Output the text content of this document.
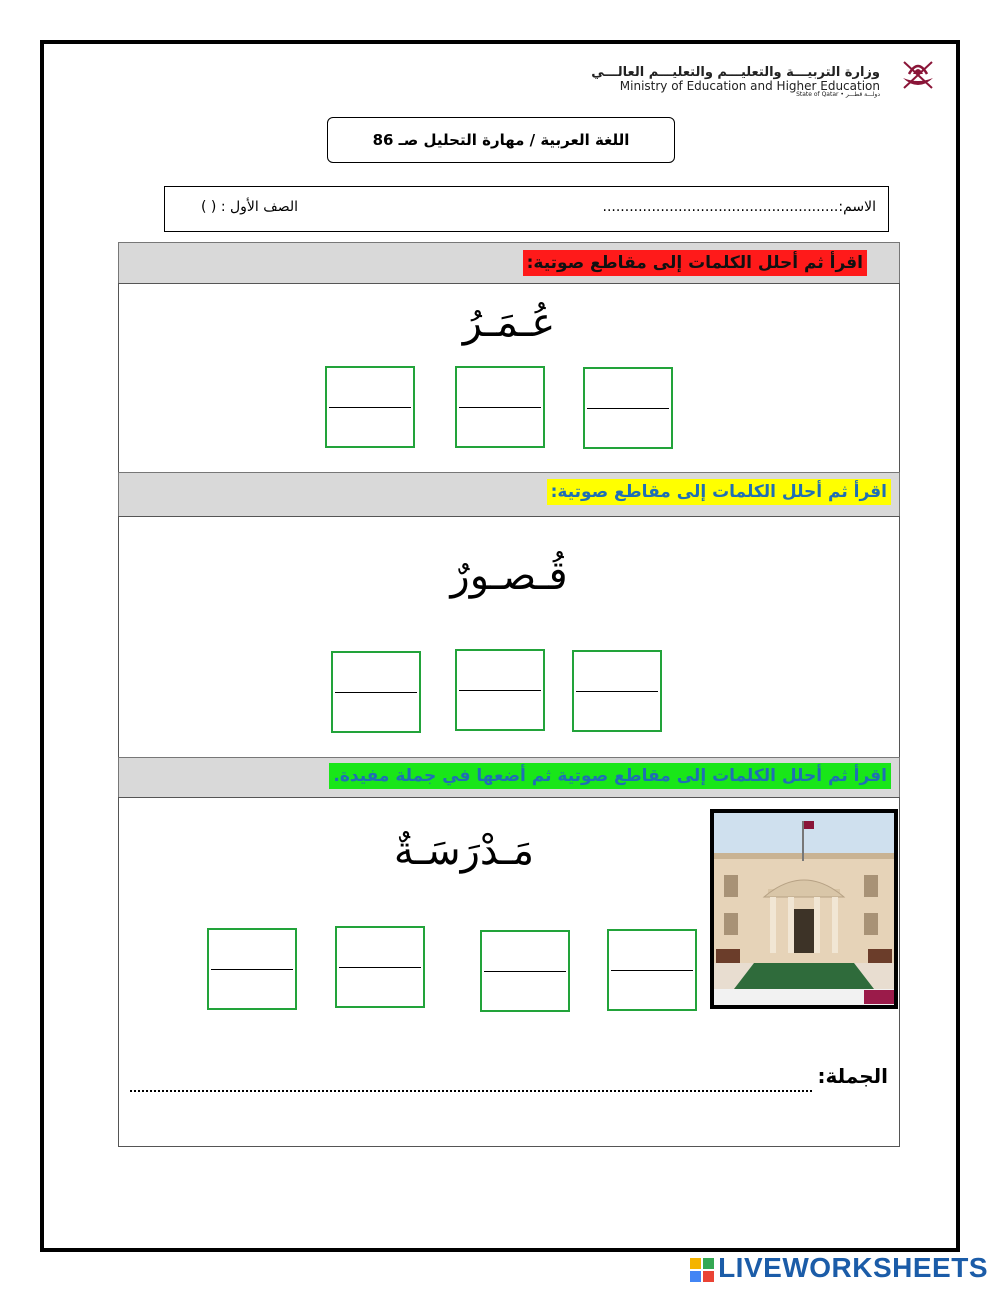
وزارة التربيـــة والتعليـــم والتعليـــم العالـــي
Ministry of Education and Higher Education
State of Qatar • دولـــة قطـــر
اللغة العربية / مهارة التحليل صـ 86
الاسم:.....................................................
الصف الأول : ( )
اقرأ ثم أحلل الكلمات إلى مقاطع صوتية:
عُـمَـرُ
اقرأ ثم أحلل الكلمات إلى مقاطع صوتية:
قُـصـورٌ
اقرأ ثم أحلل الكلمات إلى مقاطع صوتية ثم أضعها في جملة مفيدة.
مَـدْرَسَـةٌ
الجملة:
LIVEWORKSHEETS
